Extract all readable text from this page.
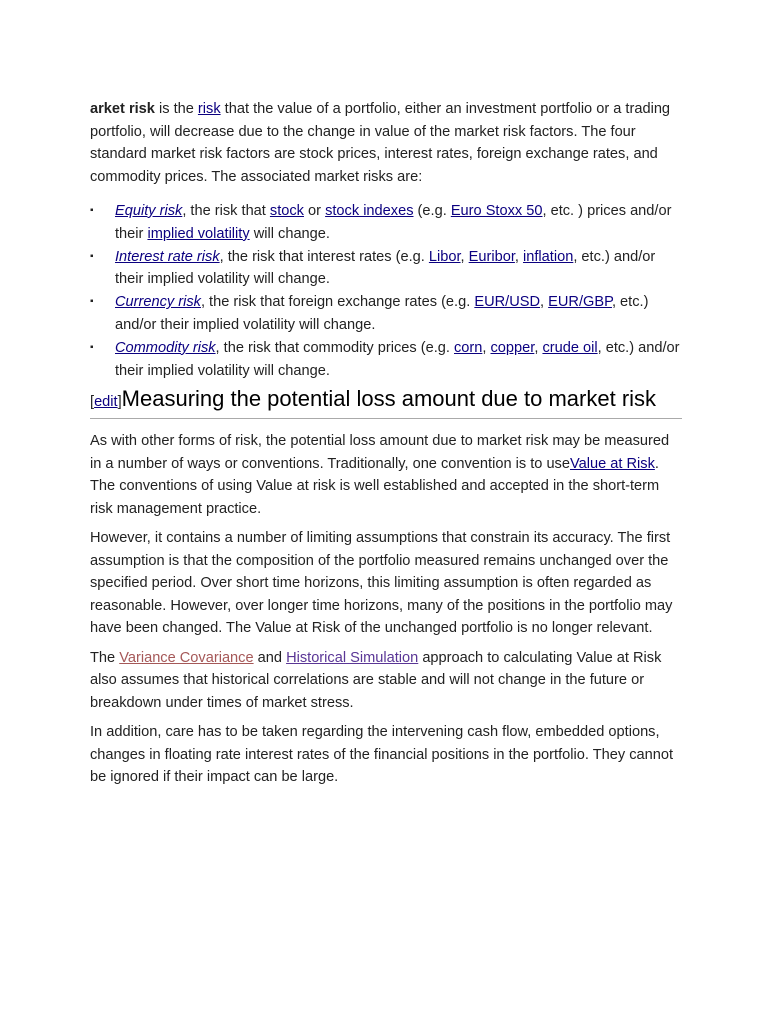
arket risk is the risk that the value of a portfolio, either an investment portfolio or a trading portfolio, will decrease due to the change in value of the market risk factors. The four standard market risk factors are stock prices, interest rates, foreign exchange rates, and commodity prices. The associated market risks are:

▪ Equity risk, the risk that stock or stock indexes (e.g. Euro Stoxx 50, etc. ) prices and/or their implied volatility will change.
▪ Interest rate risk, the risk that interest rates (e.g. Libor, Euribor, inflation, etc.) and/or their implied volatility will change.
▪ Currency risk, the risk that foreign exchange rates (e.g. EUR/USD, EUR/GBP, etc.) and/or their implied volatility will change.
▪ Commodity risk, the risk that commodity prices (e.g. corn, copper, crude oil, etc.) and/or their implied volatility will change.
[edit]Measuring the potential loss amount due to market risk

As with other forms of risk, the potential loss amount due to market risk may be measured in a number of ways or conventions. Traditionally, one convention is to useValue at Risk. The conventions of using Value at risk is well established and accepted in the short-term risk management practice.

However, it contains a number of limiting assumptions that constrain its accuracy. The first assumption is that the composition of the portfolio measured remains unchanged over the specified period. Over short time horizons, this limiting assumption is often regarded as reasonable. However, over longer time horizons, many of the positions in the portfolio may have been changed. The Value at Risk of the unchanged portfolio is no longer relevant.

The Variance Covariance and Historical Simulation approach to calculating Value at Risk also assumes that historical correlations are stable and will not change in the future or breakdown under times of market stress.

In addition, care has to be taken regarding the intervening cash flow, embedded options, changes in floating rate interest rates of the financial positions in the portfolio. They cannot be ignored if their impact can be large.
